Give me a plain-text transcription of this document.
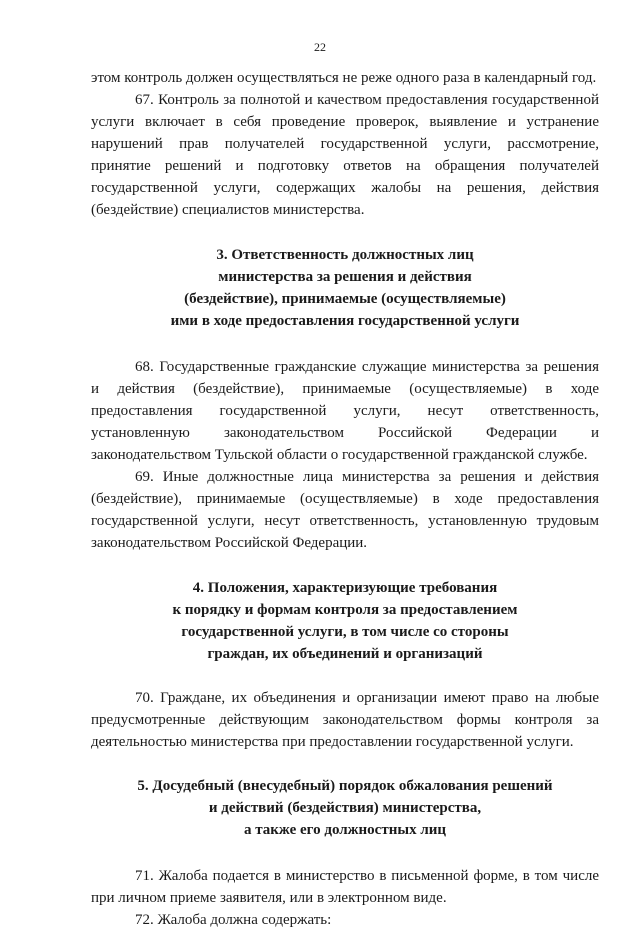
22

этом контроль должен осуществляться не реже одного раза в календарный год.

67. Контроль за полнотой и качеством предоставления государственной услуги включает в себя проведение проверок, выявление и устранение нарушений прав получателей государственной услуги, рассмотрение, принятие решений и подготовку ответов на обращения получателей государственной услуги, содержащих жалобы на решения, действия (бездействие) специалистов министерства.

3. Ответственность должностных лиц
министерства за решения и действия
(бездействие), принимаемые (осуществляемые)
ими в ходе предоставления государственной услуги

68. Государственные гражданские служащие министерства за решения и действия (бездействие), принимаемые (осуществляемые) в ходе предоставления государственной услуги, несут ответственность, установленную законодательством Российской Федерации и законодательством Тульской области о государственной гражданской службе.

69. Иные должностные лица министерства за решения и действия (бездействие), принимаемые (осуществляемые) в ходе предоставления государственной услуги, несут ответственность, установленную трудовым законодательством Российской Федерации.

4. Положения, характеризующие требования
к порядку и формам контроля за предоставлением
государственной услуги, в том числе со стороны
граждан, их объединений и организаций

70. Граждане, их объединения и организации имеют право на любые предусмотренные действующим законодательством формы контроля за деятельностью министерства при предоставлении государственной услуги.

5. Досудебный (внесудебный) порядок обжалования решений
и действий (бездействия) министерства,
а также его должностных лиц

71. Жалоба подается в министерство в письменной форме, в том числе при личном приеме заявителя, или в электронном виде.

72. Жалоба должна содержать:
